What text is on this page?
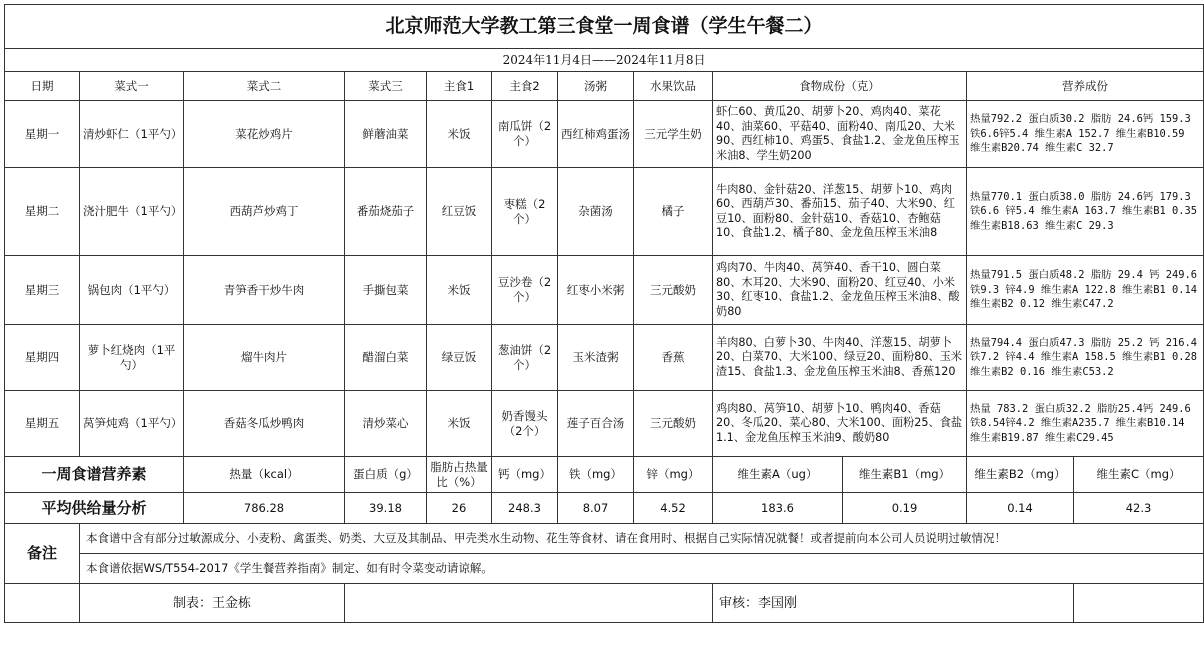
北京师范大学教工第三食堂一周食谱（学生午餐二）											
2024年11月4日——2024年11月8日											
日期	菜式一	菜式二	菜式三	主食1	主食2	汤粥	水果饮品	食物成份（克）		营养成份	
星期一	清炒虾仁（1平勺）	菜花炒鸡片	鲜蘑油菜	米饭	南瓜饼（2个）	西红柿鸡蛋汤	三元学生奶	虾仁60、黄瓜20、胡萝卜20、鸡肉40、菜花40、油菜60、平菇40、面粉40、南瓜20、大米90、西红柿10、鸡蛋5、食盐1.2、金龙鱼压榨玉米油8、学生奶200		热量792.2 蛋白质30.2 脂肪 24.6钙 159.3 铁6.6锌5.4 维生素A 152.7 维生素B10.59 维生素B20.74 维生素C 32.7	
星期二	浇汁肥牛（1平勺）	西葫芦炒鸡丁	番茄烧茄子	红豆饭	枣糕（2个）	杂菌汤	橘子	牛肉80、金针菇20、洋葱15、胡萝卜10、鸡肉60、西葫芦30、番茄15、茄子40、大米90、红豆10、面粉80、金针菇10、香菇10、杏鲍菇10、食盐1.2、橘子80、金龙鱼压榨玉米油8		热量770.1 蛋白质38.0 脂肪 24.6钙 179.3 铁6.6 锌5.4 维生素A 163.7 维生素B1 0.35 维生素B18.63 维生素C 29.3	
星期三	锅包肉（1平勺）	青笋香干炒牛肉	手撕包菜	米饭	豆沙卷（2个）	红枣小米粥	三元酸奶	鸡肉70、牛肉40、莴笋40、香干10、圆白菜80、木耳20、大米90、面粉20、红豆40、小米30、红枣10、食盐1.2、金龙鱼压榨玉米油8、酸奶80		热量791.5 蛋白质48.2 脂肪 29.4 钙 249.6 铁9.3 锌4.9 维生素A 122.8 维生素B1 0.14 维生素B2 0.12 维生素C47.2	
星期四	萝卜红烧肉（1平勺）	熘牛肉片	醋溜白菜	绿豆饭	葱油饼（2个）	玉米渣粥	香蕉	羊肉80、白萝卜30、牛肉40、洋葱15、胡萝卜20、白菜70、大米100、绿豆20、面粉80、玉米渣15、食盐1.3、金龙鱼压榨玉米油8、香蕉120		热量794.4 蛋白质47.3 脂肪 25.2 钙 216.4 铁7.2 锌4.4 维生素A 158.5 维生素B1 0.28 维生素B2 0.16 维生素C53.2	
星期五	莴笋炖鸡（1平勺）	香菇冬瓜炒鸭肉	清炒菜心	米饭	奶香馒头（2个）	莲子百合汤	三元酸奶	鸡肉80、莴笋10、胡萝卜10、鸭肉40、香菇20、冬瓜20、菜心80、大米100、面粉25、食盐1.1、金龙鱼压榨玉米油9、酸奶80		热量 783.2 蛋白质32.2 脂肪25.4钙 249.6铁8.54锌4.2 维生素A235.7 维生素B10.14 维生素B19.87 维生素C29.45	
一周食谱营养素		热量（kcal）	蛋白质（g）	脂肪占热量比（%）	钙（mg）	铁（mg）	锌（mg）	维生素A（ug）	维生素B1（mg）	维生素B2（mg）	维生素C（mg）
平均供给量分析		786.28	39.18	26	248.3	8.07	4.52	183.6	0.19	0.14	42.3
备注	本食谱中含有部分过敏源成分、小麦粉、禽蛋类、奶类、大豆及其制品、甲壳类水生动物、花生等食材、请在食用时、根据自己实际情况就餐！或者提前向本公司人员说明过敏情况！										
	本食谱依据WS/T554-2017《学生餐营养指南》制定、如有时令菜变动请谅解。										
	制表：王金栋							审核：李国刚			
